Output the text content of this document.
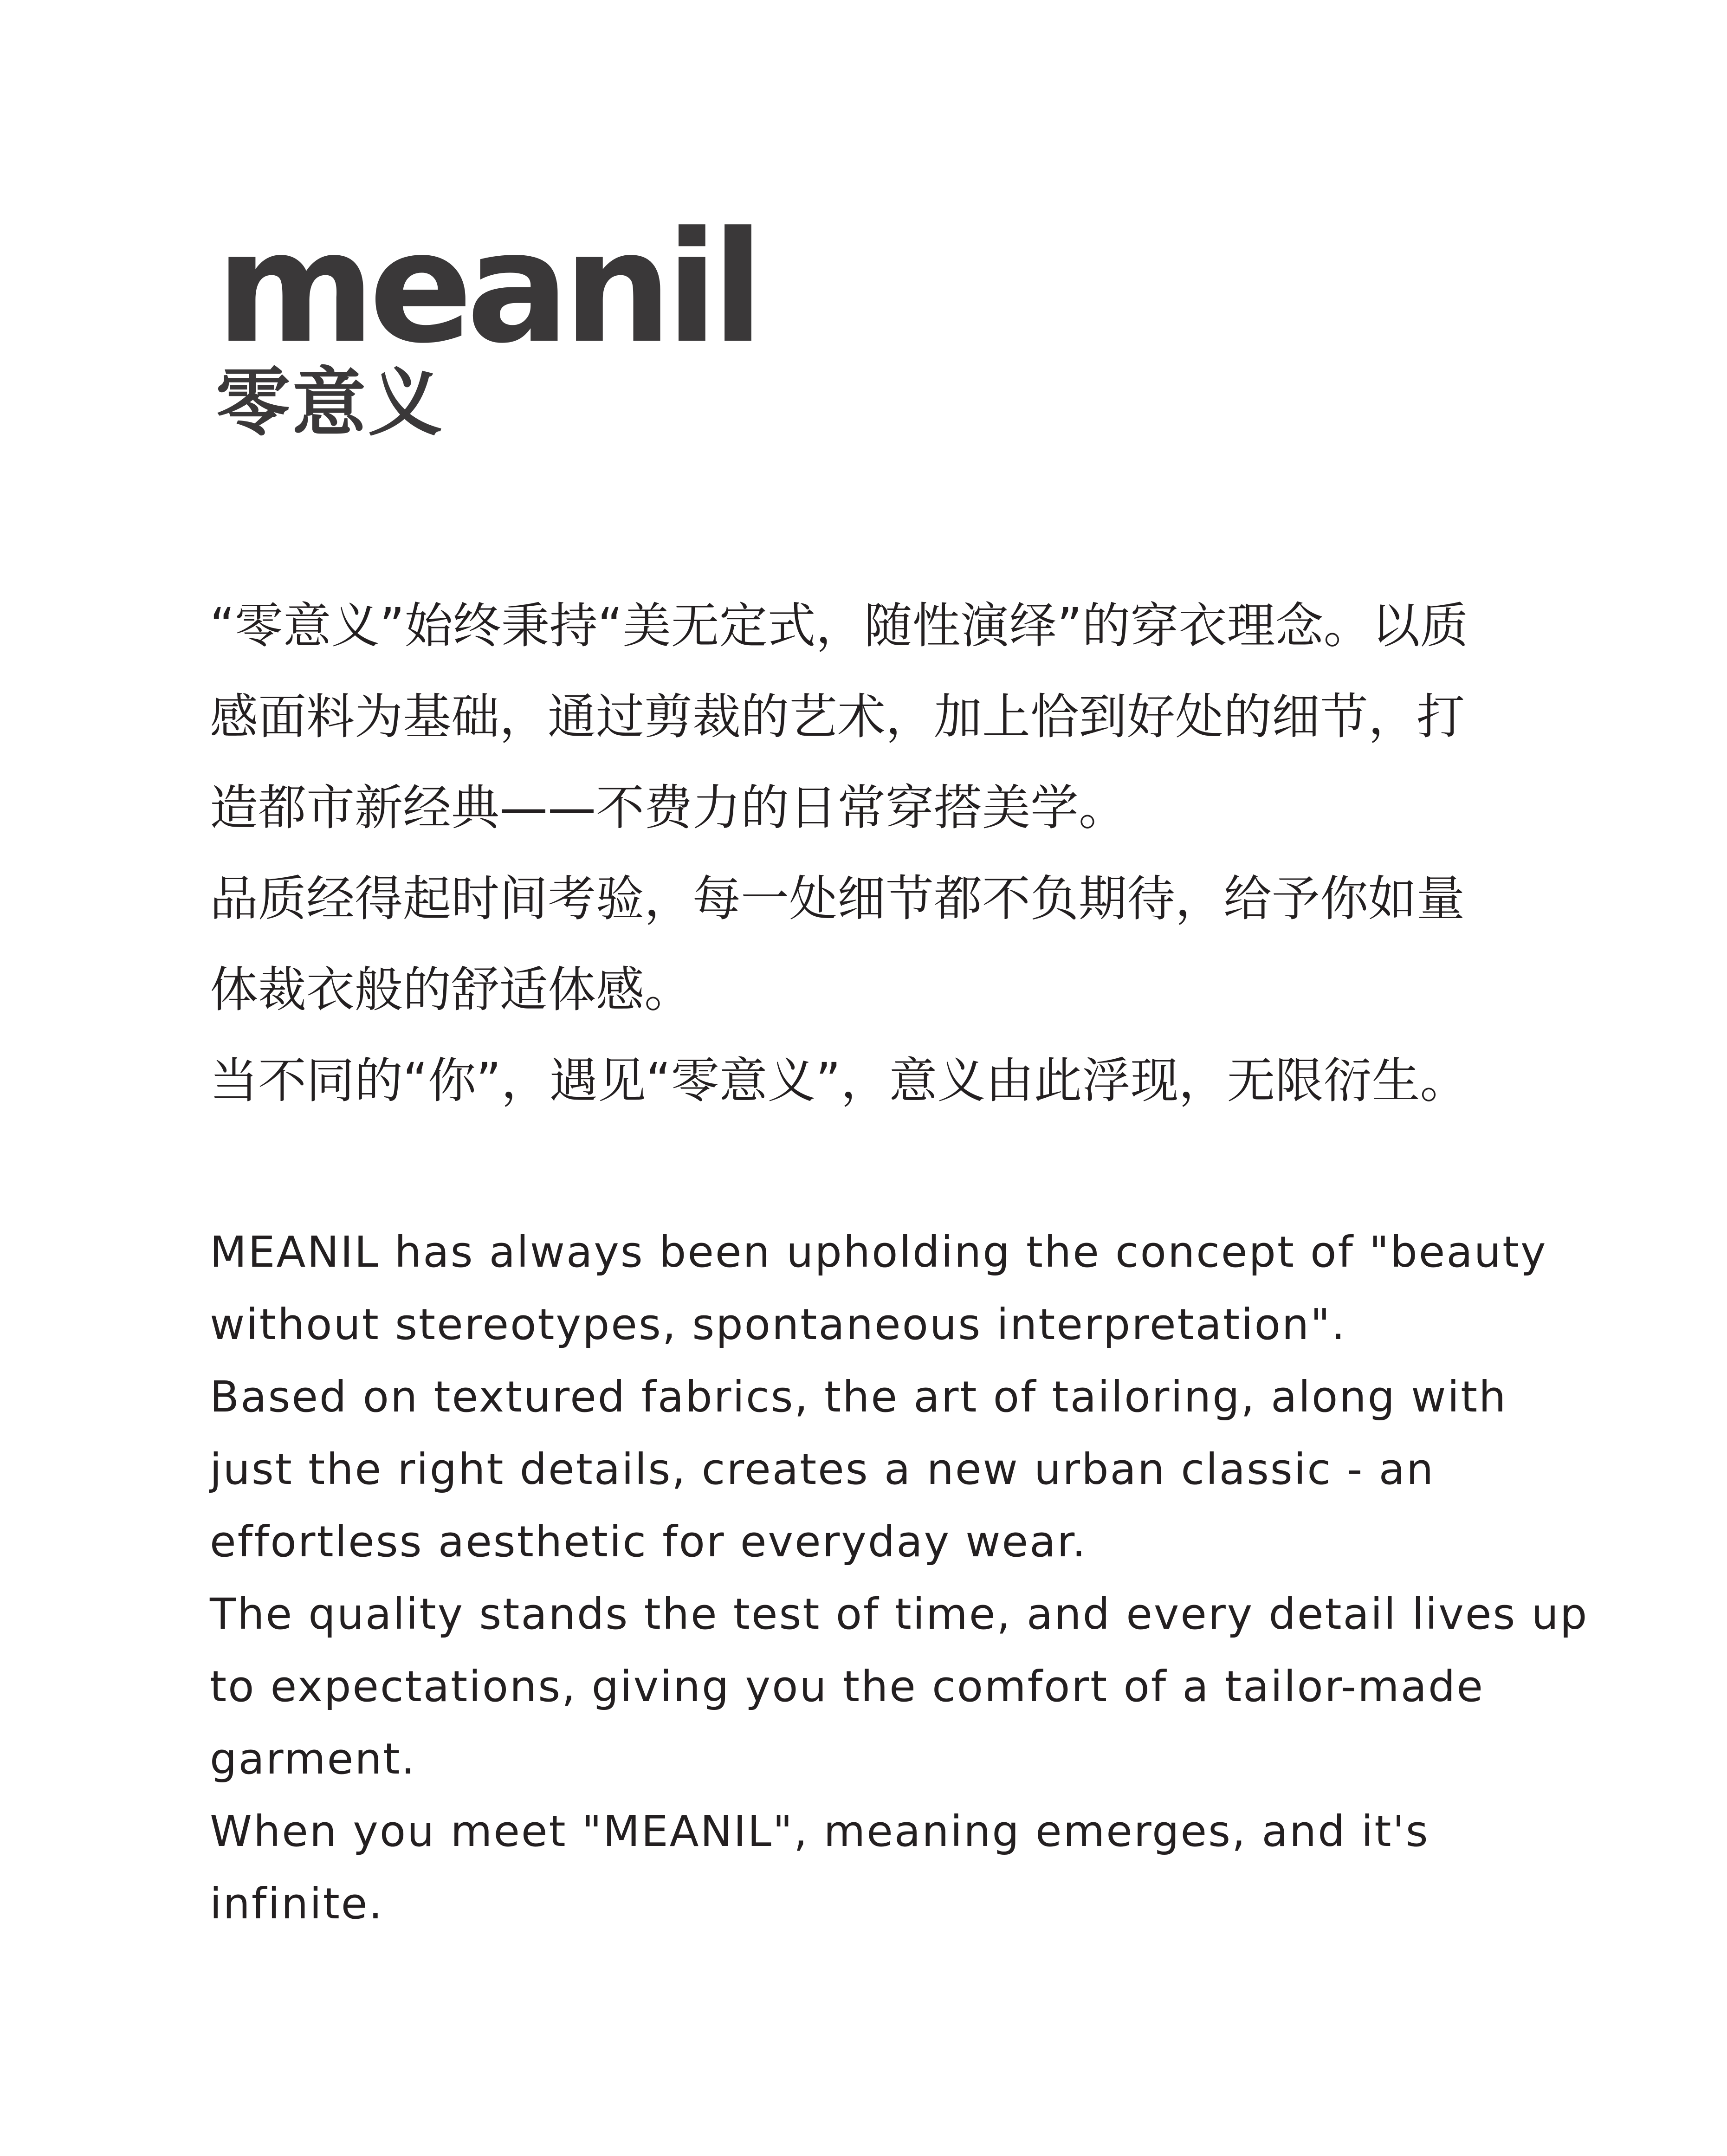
meanil
零意义

“零意义”始终秉持“美无定式，随性演绎”的穿衣理念。以质

感面料为基础，通过剪裁的艺术，加上恰到好处的细节，打

造都市新经典——不费力的日常穿搭美学。

品质经得起时间考验，每一处细节都不负期待，给予你如量

体裁衣般的舒适体感。

当不同的“你”，遇见“零意义”，意义由此浮现，无限衍生。

MEANIL has always been upholding the concept of "beauty

without stereotypes, spontaneous interpretation".

Based on textured fabrics, the art of tailoring, along with

just the right details, creates a new urban classic - an

effortless aesthetic for everyday wear.

The quality stands the test of time, and every detail lives up

to expectations, giving you the comfort of a tailor-made

garment.

When you meet "MEANIL", meaning emerges, and it's

infinite.
